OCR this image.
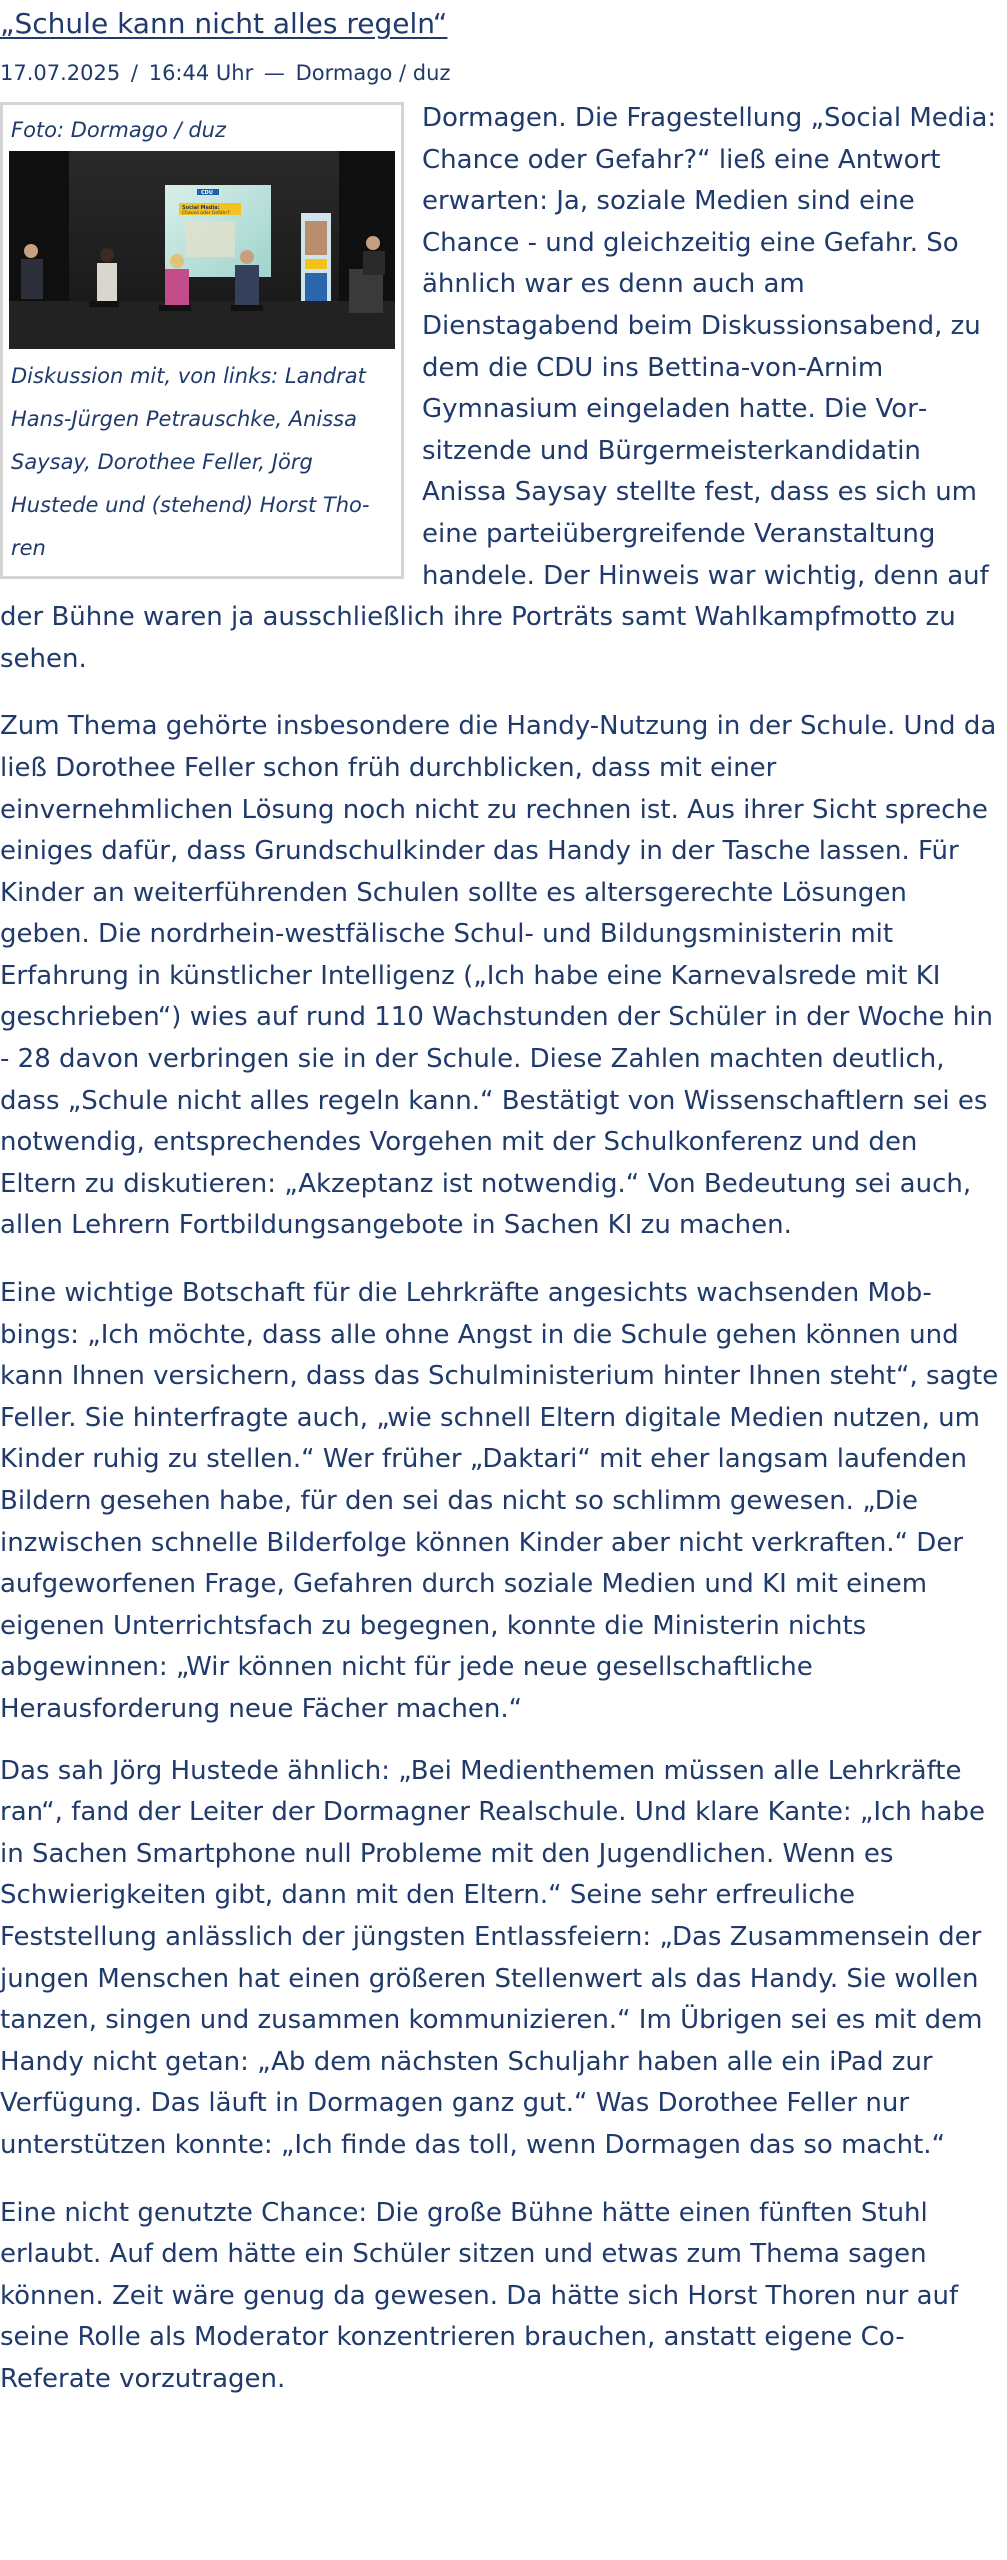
„Schule kann nicht alles regeln“
17.07.2025 / 16:44 Uhr — Dormago / duz
Foto: Dormago / duz
CDU
Social Media:
Chance oder Gefahr?
Diskussion mit, von links: Landrat Hans-Jürgen Petrauschke, Anissa Saysay, Dorothee Feller, Jörg Hustede und (stehend) Horst Thoren

Dormagen. Die Fragestellung „Social Media: Chance oder Gefahr?“ ließ eine Antwort erwarten: Ja, soziale Medien sind eine Chance - und gleichzeitig eine Gefahr. So ähnlich war es denn auch am Dienstagabend beim Diskussionsabend, zu dem die CDU ins Bettina-von-Arnim Gymnasium eingeladen hatte. Die Vorsitzende und Bürgermeisterkandidatin Anissa Saysay stellte fest, dass es sich um eine parteiübergreifende Veranstaltung handele. Der Hinweis war wichtig, denn auf der Bühne waren ja ausschließlich ihre Porträts samt Wahlkampfmotto zu sehen.

Zum Thema gehörte insbesondere die Handy-Nutzung in der Schule. Und da ließ Dorothee Feller schon früh durchblicken, dass mit einer einvernehmlichen Lösung noch nicht zu rechnen ist. Aus ihrer Sicht spreche einiges dafür, dass Grundschulkinder das Handy in der Tasche lassen. Für Kinder an weiterführenden Schulen sollte es altersgerechte Lösungen geben. Die nordrhein-westfälische Schul- und Bildungsministerin mit Erfahrung in künstlicher Intelligenz („Ich habe eine Karnevalsrede mit KI geschrieben“) wies auf rund 110 Wachstunden der Schüler in der Woche hin - 28 davon verbringen sie in der Schule. Diese Zahlen machten deutlich, dass „Schule nicht alles regeln kann.“ Bestätigt von Wissenschaftlern sei es notwendig, entsprechendes Vorgehen mit der Schulkonferenz und den Eltern zu diskutieren: „Akzeptanz ist notwendig.“ Von Bedeutung sei auch, allen Lehrern Fortbildungsangebote in Sachen KI zu machen.

Eine wichtige Botschaft für die Lehrkräfte angesichts wachsenden Mobbings: „Ich möchte, dass alle ohne Angst in die Schule gehen können und kann Ihnen versichern, dass das Schulministerium hinter Ihnen steht“, sagte Feller. Sie hinterfragte auch, „wie schnell Eltern digitale Medien nutzen, um Kinder ruhig zu stellen.“ Wer früher „Daktari“ mit eher langsam laufenden Bildern gesehen habe, für den sei das nicht so schlimm gewesen. „Die inzwischen schnelle Bilderfolge können Kinder aber nicht verkraften.“ Der aufgeworfenen Frage, Gefahren durch soziale Medien und KI mit einem eigenen Unterrichtsfach zu begegnen, konnte die Ministerin nichts abgewinnen: „Wir können nicht für jede neue gesellschaftliche Herausforderung neue Fächer machen.“

Das sah Jörg Hustede ähnlich: „Bei Medienthemen müssen alle Lehrkräfte ran“, fand der Leiter der Dormagner Realschule. Und klare Kante: „Ich habe in Sachen Smartphone null Probleme mit den Jugendlichen. Wenn es Schwierigkeiten gibt, dann mit den Eltern.“ Seine sehr erfreuliche Feststellung anlässlich der jüngsten Entlassfeiern: „Das Zusammensein der jungen Menschen hat einen größeren Stellenwert als das Handy. Sie wollen tanzen, singen und zusammen kommunizieren.“ Im Übrigen sei es mit dem Handy nicht getan: „Ab dem nächsten Schuljahr haben alle ein iPad zur Verfügung. Das läuft in Dormagen ganz gut.“ Was Dorothee Feller nur unterstützen konnte: „Ich finde das toll, wenn Dormagen das so macht.“

Eine nicht genutzte Chance: Die große Bühne hätte einen fünften Stuhl erlaubt. Auf dem hätte ein Schüler sitzen und etwas zum Thema sagen können. Zeit wäre genug da gewesen. Da hätte sich Horst Thoren nur auf seine Rolle als Moderator konzentrieren brauchen, anstatt eigene Co-Referate vorzutragen.
